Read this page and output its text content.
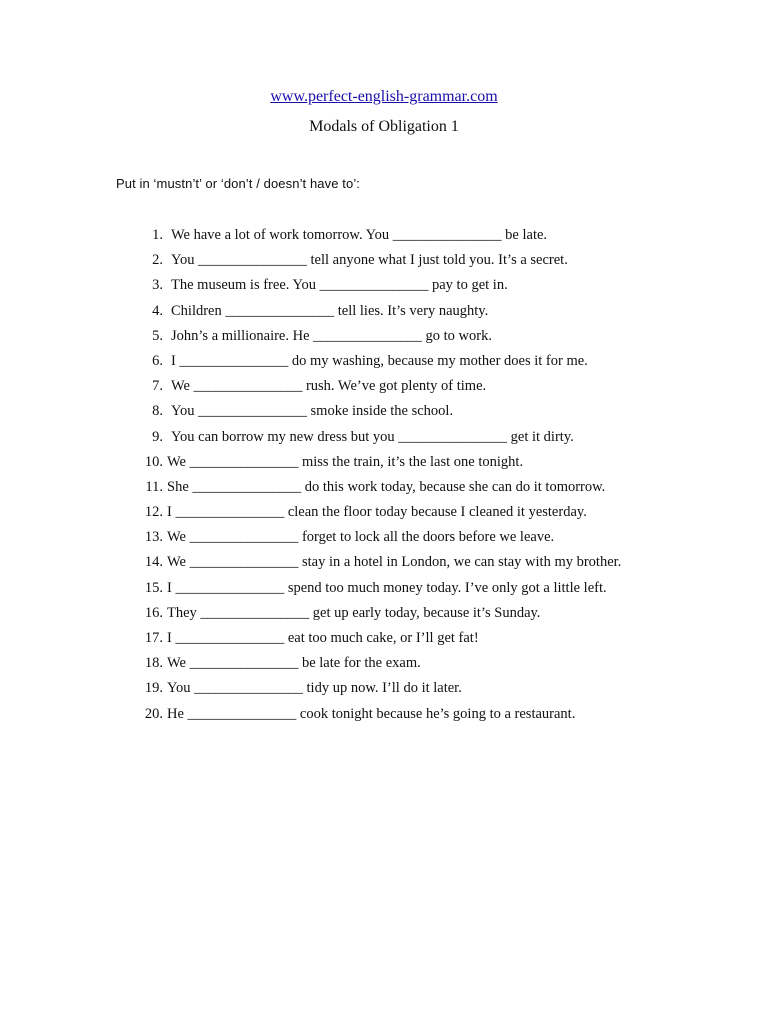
www.perfect-english-grammar.com
Modals of Obligation 1
Put in ‘mustn’t’ or ‘don’t / doesn’t have to’:
1. We have a lot of work tomorrow. You _______________ be late.
2. You _______________ tell anyone what I just told you. It’s a secret.
3. The museum is free. You _______________ pay to get in.
4. Children _______________ tell lies. It’s very naughty.
5. John’s a millionaire. He _______________ go to work.
6. I _______________ do my washing, because my mother does it for me.
7. We _______________ rush. We’ve got plenty of time.
8. You _______________ smoke inside the school.
9. You can borrow my new dress but you _______________ get it dirty.
10. We _______________ miss the train, it’s the last one tonight.
11. She _______________ do this work today, because she can do it tomorrow.
12. I _______________ clean the floor today because I cleaned it yesterday.
13. We _______________ forget to lock all the doors before we leave.
14. We _______________ stay in a hotel in London, we can stay with my brother.
15. I _______________ spend too much money today. I’ve only got a little left.
16. They _______________ get up early today, because it’s Sunday.
17. I _______________ eat too much cake, or I’ll get fat!
18. We _______________ be late for the exam.
19. You _______________ tidy up now. I’ll do it later.
20. He _______________ cook tonight because he’s going to a restaurant.
